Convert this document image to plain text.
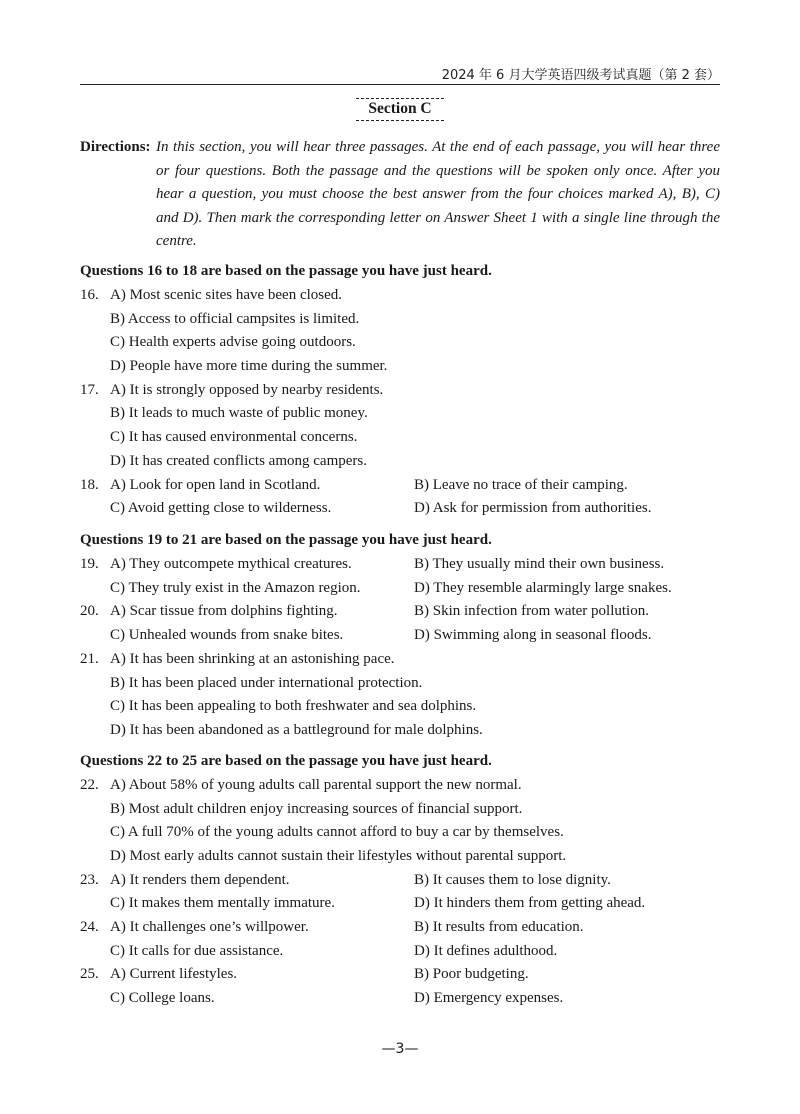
2024 年 6 月大学英语四级考试真题（第 2 套）
Section C
Directions: In this section, you will hear three passages. At the end of each passage, you will hear three or four questions. Both the passage and the questions will be spoken only once. After you hear a question, you must choose the best answer from the four choices marked A), B), C) and D). Then mark the corresponding letter on Answer Sheet 1 with a single line through the centre.
Questions 16 to 18 are based on the passage you have just heard.
16. A) Most scenic sites have been closed.
B) Access to official campsites is limited.
C) Health experts advise going outdoors.
D) People have more time during the summer.
17. A) It is strongly opposed by nearby residents.
B) It leads to much waste of public money.
C) It has caused environmental concerns.
D) It has created conflicts among campers.
18. A) Look for open land in Scotland.	B) Leave no trace of their camping.
C) Avoid getting close to wilderness.	D) Ask for permission from authorities.
Questions 19 to 21 are based on the passage you have just heard.
19. A) They outcompete mythical creatures.	B) They usually mind their own business.
C) They truly exist in the Amazon region.	D) They resemble alarmingly large snakes.
20. A) Scar tissue from dolphins fighting.	B) Skin infection from water pollution.
C) Unhealed wounds from snake bites.	D) Swimming along in seasonal floods.
21. A) It has been shrinking at an astonishing pace.
B) It has been placed under international protection.
C) It has been appealing to both freshwater and sea dolphins.
D) It has been abandoned as a battleground for male dolphins.
Questions 22 to 25 are based on the passage you have just heard.
22. A) About 58% of young adults call parental support the new normal.
B) Most adult children enjoy increasing sources of financial support.
C) A full 70% of the young adults cannot afford to buy a car by themselves.
D) Most early adults cannot sustain their lifestyles without parental support.
23. A) It renders them dependent.	B) It causes them to lose dignity.
C) It makes them mentally immature.	D) It hinders them from getting ahead.
24. A) It challenges one’s willpower.	B) It results from education.
C) It calls for due assistance.	D) It defines adulthood.
25. A) Current lifestyles.	B) Poor budgeting.
C) College loans.	D) Emergency expenses.
—3—
